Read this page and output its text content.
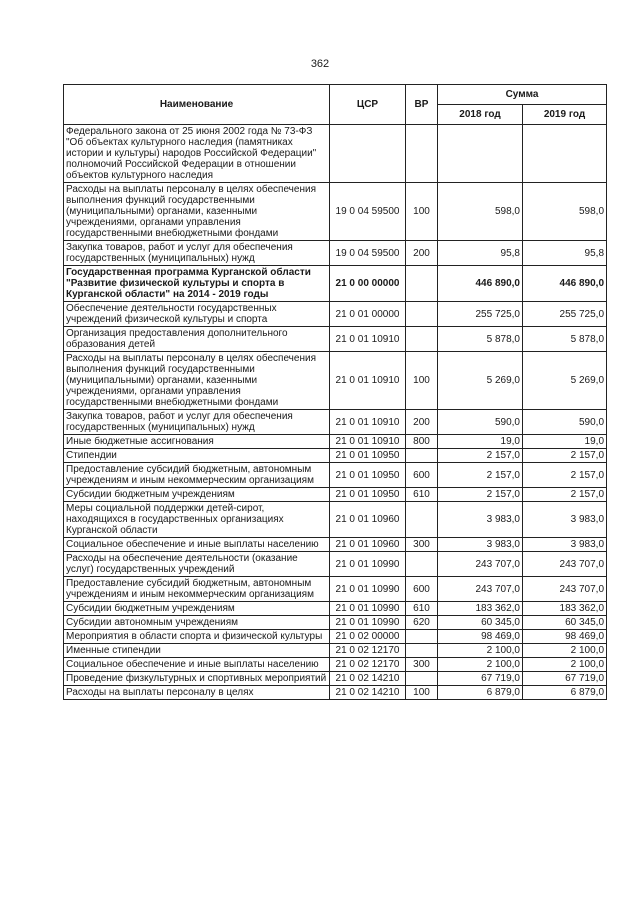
362
Наименование	ЦСР	ВР	Сумма	
			2018 год	2019 год
Федерального закона от 25 июня 2002 года № 73-ФЗ "Об объектах культурного наследия (памятниках истории и культуры) народов Российской Федерации" полномочий Российской Федерации в отношении объектов культурного наследия				
Расходы на выплаты персоналу в целях обеспечения выполнения функций государственными (муниципальными) органами, казенными учреждениями, органами управления государственными внебюджетными фондами	19 0 04 59500	100	598,0	598,0
Закупка товаров, работ и услуг для обеспечения государственных (муниципальных) нужд	19 0 04 59500	200	95,8	95,8
Государственная программа Курганской области "Развитие физической культуры и спорта в Курганской области" на 2014 - 2019 годы	21 0 00 00000		446 890,0	446 890,0
Обеспечение деятельности государственных учреждений физической культуры и спорта	21 0 01 00000		255 725,0	255 725,0
Организация предоставления дополнительного образования детей	21 0 01 10910		5 878,0	5 878,0
Расходы на выплаты персоналу в целях обеспечения выполнения функций государственными (муниципальными) органами, казенными учреждениями, органами управления государственными внебюджетными фондами	21 0 01 10910	100	5 269,0	5 269,0
Закупка товаров, работ и услуг для обеспечения государственных (муниципальных) нужд	21 0 01 10910	200	590,0	590,0
Иные бюджетные ассигнования	21 0 01 10910	800	19,0	19,0
Стипендии	21 0 01 10950		2 157,0	2 157,0
Предоставление субсидий бюджетным, автономным учреждениям и иным некоммерческим организациям	21 0 01 10950	600	2 157,0	2 157,0
Субсидии бюджетным учреждениям	21 0 01 10950	610	2 157,0	2 157,0
Меры социальной поддержки детей-сирот, находящихся в государственных организациях Курганской области	21 0 01 10960		3 983,0	3 983,0
Социальное обеспечение и иные выплаты населению	21 0 01 10960	300	3 983,0	3 983,0
Расходы на обеспечение деятельности (оказание услуг) государственных учреждений	21 0 01 10990		243 707,0	243 707,0
Предоставление субсидий бюджетным, автономным учреждениям и иным некоммерческим организациям	21 0 01 10990	600	243 707,0	243 707,0
Субсидии бюджетным учреждениям	21 0 01 10990	610	183 362,0	183 362,0
Субсидии автономным учреждениям	21 0 01 10990	620	60 345,0	60 345,0
Мероприятия в области спорта и физической культуры	21 0 02 00000		98 469,0	98 469,0
Именные стипендии	21 0 02 12170		2 100,0	2 100,0
Социальное обеспечение и иные выплаты населению	21 0 02 12170	300	2 100,0	2 100,0
Проведение физкультурных и спортивных мероприятий	21 0 02 14210		67 719,0	67 719,0
Расходы на выплаты персоналу в целях	21 0 02 14210	100	6 879,0	6 879,0
